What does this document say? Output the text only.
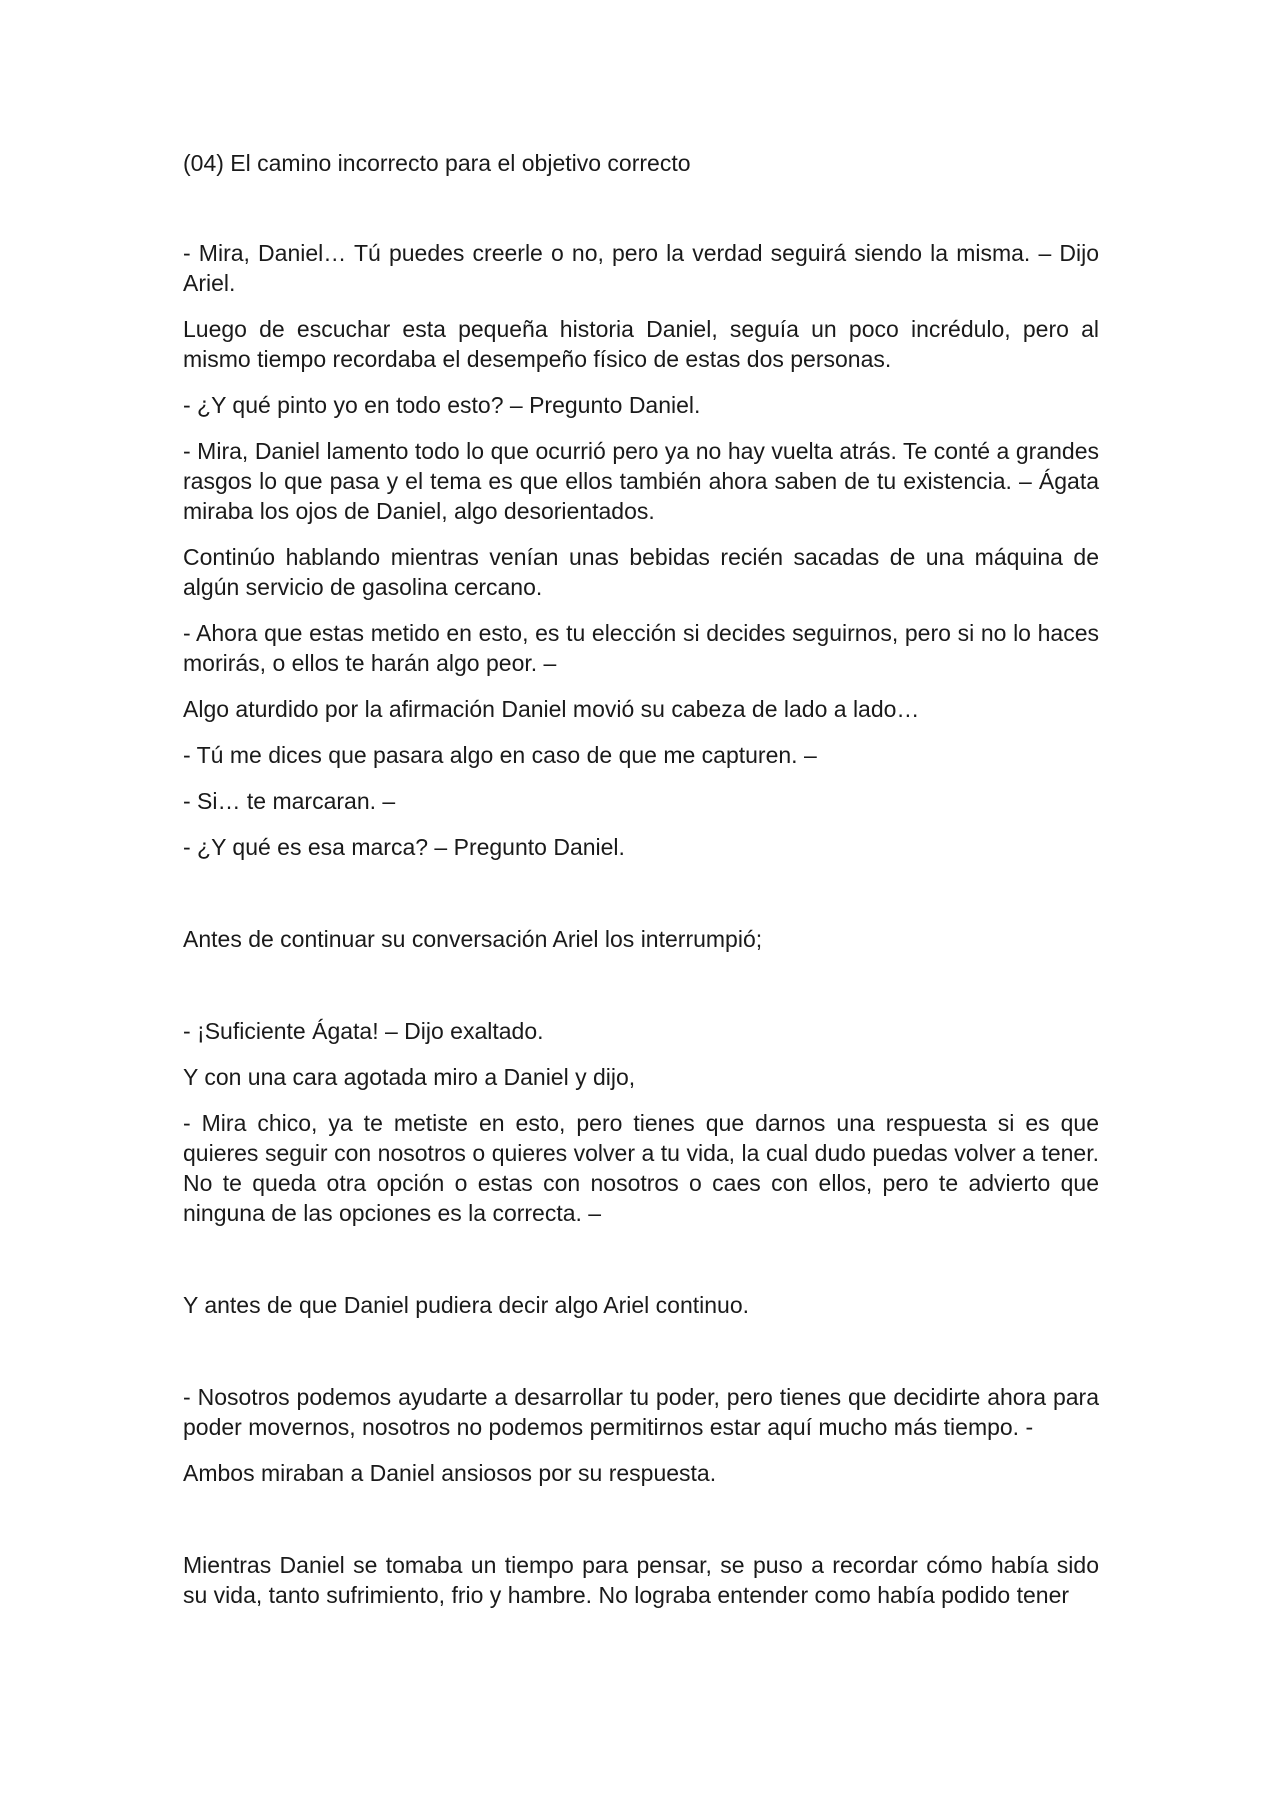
(04) El camino incorrecto para el objetivo correcto

- Mira, Daniel… Tú puedes creerle o no, pero la verdad seguirá siendo la misma. – Dijo Ariel.

Luego de escuchar esta pequeña historia Daniel, seguía un poco incrédulo, pero al mismo tiempo recordaba el desempeño físico de estas dos personas.

- ¿Y qué pinto yo en todo esto? – Pregunto Daniel.

- Mira, Daniel lamento todo lo que ocurrió pero ya no hay vuelta atrás. Te conté a grandes rasgos lo que pasa y el tema es que ellos también ahora saben de tu existencia. – Ágata miraba los ojos de Daniel, algo desorientados.

Continúo hablando mientras venían unas bebidas recién sacadas de una máquina de algún servicio de gasolina cercano.

- Ahora que estas metido en esto, es tu elección si decides seguirnos, pero si no lo haces morirás, o ellos te harán algo peor. –

Algo aturdido por la afirmación Daniel movió su cabeza de lado a lado…

- Tú me dices que pasara algo en caso de que me capturen. –

- Si… te marcaran. –

- ¿Y qué es esa marca? – Pregunto Daniel.

Antes de continuar su conversación Ariel los interrumpió;

- ¡Suficiente Ágata! – Dijo exaltado.

Y con una cara agotada miro a Daniel y dijo,

- Mira chico, ya te metiste en esto, pero tienes que darnos una respuesta si es que quieres seguir con nosotros o quieres volver a tu vida, la cual dudo puedas volver a tener. No te queda otra opción o estas con nosotros o caes con ellos, pero te advierto que ninguna de las opciones es la correcta. –

Y antes de que Daniel pudiera decir algo Ariel continuo.

- Nosotros podemos ayudarte a desarrollar tu poder, pero tienes que decidirte ahora para poder movernos, nosotros no podemos permitirnos estar aquí mucho más tiempo. -

Ambos miraban a Daniel ansiosos por su respuesta.

Mientras Daniel se tomaba un tiempo para pensar, se puso a recordar cómo había sido su vida, tanto sufrimiento, frio y hambre. No lograba entender como había podido tener
